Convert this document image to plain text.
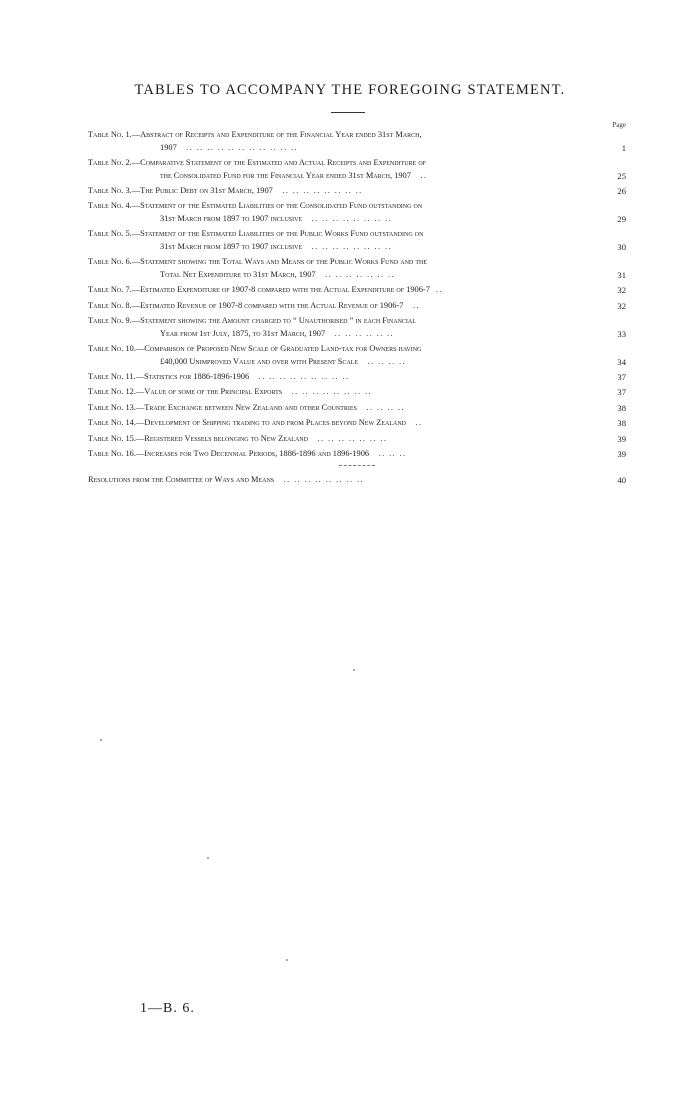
TABLES TO ACCOMPANY THE FOREGOING STATEMENT.
Page
Table No. 1.—Abstract of Receipts and Expenditure of the Financial Year ended 31st March,
1907 .. .. .. .. .. .. .. .. .. .. ..	1
Table No. 2.—Comparative Statement of the Estimated and Actual Receipts and Expenditure of
the Consolidated Fund for the Financial Year ended 31st March, 1907 ..	25
Table No. 3.—The Public Debt on 31st March, 1907 .. .. .. .. .. .. .. ..	26
Table No. 4.—Statement of the Estimated Liabilities of the Consolidated Fund outstanding on
31st March from 1897 to 1907 inclusive .. .. .. .. .. .. .. ..	29
Table No. 5.—Statement of the Estimated Liabilities of the Public Works Fund outstanding on
31st March from 1897 to 1907 inclusive .. .. .. .. .. .. .. ..	30
Table No. 6.—Statement showing the Total Ways and Means of the Public Works Fund and the
Total Net Expenditure to 31st March, 1907 .. .. .. .. .. .. ..	31
Table No. 7.—Estimated Expenditure of 1907-8 compared with the Actual Expenditure of 1906-7 ..	32
Table No. 8.—Estimated Revenue of 1907-8 compared with the Actual Revenue of 1906-7 ..	32
Table No. 9.—Statement showing the Amount charged to “ Unauthorised ” in each Financial
Year from 1st July, 1875, to 31st March, 1907 .. .. .. .. .. ..	33
Table No. 10.—Comparison of Proposed New Scale of Graduated Land-tax for Owners having
£40,000 Unimproved Value and over with Present Scale .. .. .. ..	34
Table No. 11.—Statistics for 1886-1896-1906 .. .. .. .. .. .. .. .. ..	37
Table No. 12.—Value of some of the Principal Exports .. .. .. .. .. .. .. ..	37
Table No. 13.—Trade Exchange between New Zealand and other Countries .. .. .. ..	38
Table No. 14.—Development of Shipping trading to and from Places beyond New Zealand ..	38
Table No. 15.—Registered Vessels belonging to New Zealand .. .. .. .. .. .. ..	39
Table No. 16.—Increases for Two Decennial Periods, 1886-1896 and 1896-1906 .. .. ..	39
Resolutions from the Committee of Ways and Means .. .. .. .. .. .. .. ..	40
1—B. 6.
